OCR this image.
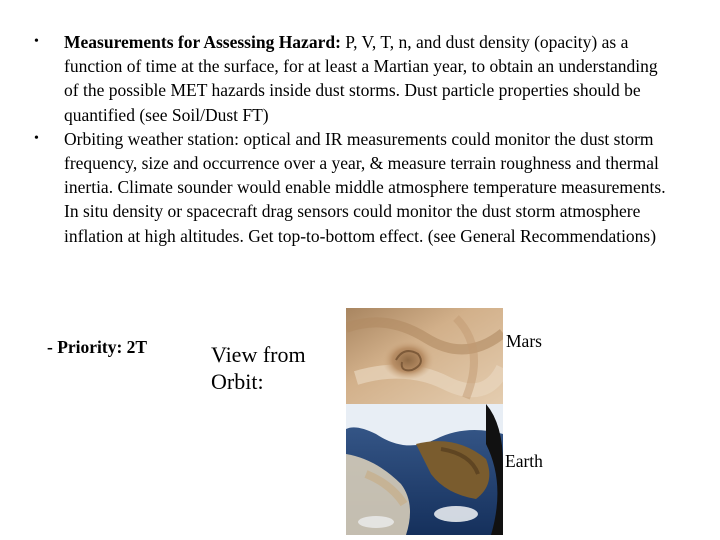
• Measurements for Assessing Hazard: P, V, T, n, and dust density (opacity) as a function of time at the surface, for at least a Martian year, to obtain an understanding of the possible MET hazards inside dust storms. Dust particle properties should be quantified (see Soil/Dust FT)
• Orbiting weather station: optical and IR measurements could monitor the dust storm frequency, size and occurrence over a year, & measure terrain roughness and thermal inertia. Climate sounder would enable middle atmosphere temperature measurements. In situ density or spacecraft drag sensors could monitor the dust storm atmosphere inflation at high altitudes. Get top-to-bottom effect. (see General Recommendations)
- Priority: 2T	View from Orbit:
Mars
Earth
